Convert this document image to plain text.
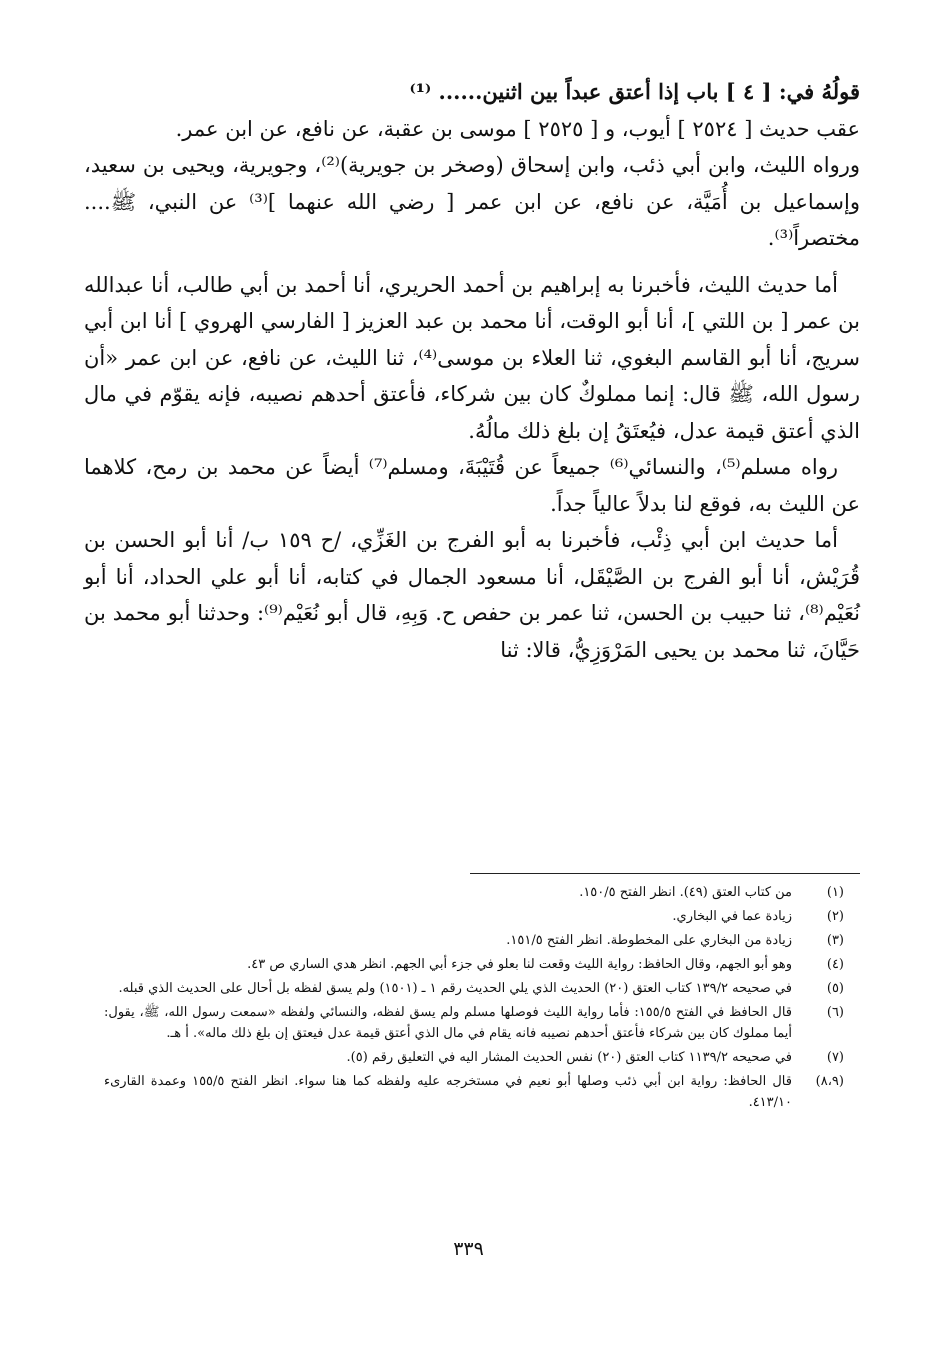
قولُهُ في: [ ٤ ] باب إذا أعتق عبداً بين اثنين...... ⁽¹⁾

عقب حديث [ ٢٥٢٤ ] أيوب، و [ ٢٥٢٥ ] موسى بن عقبة، عن نافع، عن ابن عمر.

ورواه الليث، وابن أبي ذئب، وابن إسحاق (وصخر بن جويرية)⁽²⁾، وجويرية، ويحيى بن سعيد، وإسماعيل بن أُمَيَّة، عن نافع، عن ابن عمر [ رضي الله عنهما ]⁽³⁾ عن النبي، ﷺ.... مختصراً⁽³⁾.

أما حديث الليث، فأخبرنا به إبراهيم بن أحمد الحريري، أنا أحمد بن أبي طالب، أنا عبدالله بن عمر [ بن اللتي ]، أنا أبو الوقت، أنا محمد بن عبد العزيز [ الفارسي الهروي ] أنا ابن أبي سريج، أنا أبو القاسم البغوي، ثنا العلاء بن موسى⁽⁴⁾، ثنا الليث، عن نافع، عن ابن عمر «أن رسول الله، ﷺ قال: إنما مملوكٌ كان بين شركاء، فأعتق أحدهم نصيبه، فإنه يقوّم في مال الذي أعتق قيمة عدل، فيُعتَقُ إن بلغ ذلك مالُهُ.

رواه مسلم⁽⁵⁾، والنسائي⁽⁶⁾ جميعاً عن قُتَيْبَةَ، ومسلم⁽⁷⁾ أيضاً عن محمد بن رمح، كلاهما عن الليث به، فوقع لنا بدلاً عالياً جداً.

أما حديث ابن أبي ذِئْب، فأخبرنا به أبو الفرج بن الغَزِّي، /ح ١٥٩ ب/ أنا أبو الحسن بن قُرَيْش، أنا أبو الفرج بن الصَّيْقَل، أنا مسعود الجمال في كتابه، أنا أبو علي الحداد، أنا أبو نُعَيْم⁽⁸⁾، ثنا حبيب بن الحسن، ثنا عمر بن حفص ح. وَبِهِ، قال أبو نُعَيْم⁽⁹⁾: وحدثنا أبو محمد بن حَيَّانَ، ثنا محمد بن يحيى المَرْوَزِيُّ، قالا: ثنا

(١)
من كتاب العتق (٤٩). انظر الفتح ١٥٠/٥.
(٢)
زيادة عما في البخاري.
(٣)
زيادة من البخاري على المخطوطة. انظر الفتح ١٥١/٥.
(٤)
وهو أبو الجهم، وقال الحافظ: رواية الليث وقعت لنا بعلو في جزء أبي الجهم. انظر هدي الساري ص ٤٣.
(٥)
في صحيحه ١٣٩/٢ كتاب العتق (٢٠) الحديث الذي يلي الحديث رقم ١ ـ (١٥٠١) ولم يسق لفظه بل أحال على الحديث الذي قبله.
(٦)
قال الحافظ في الفتح ١٥٥/٥: فأما رواية الليث فوصلها مسلم ولم يسق لفظه، والنسائي ولفظه «سمعت رسول الله، ﷺ، يقول: أيما مملوك كان بين شركاء فأعتق أحدهم نصيبه فانه يقام في مال الذي أعتق قيمة عدل فيعتق إن بلغ ذلك ماله». أ هـ.
(٧)
في صحيحه ١١٣٩/٢ كتاب العتق (٢٠) نفس الحديث المشار اليه في التعليق رقم (٥).
(٨،٩)
قال الحافظ: رواية ابن أبي ذئب وصلها أبو نعيم في مستخرجه عليه ولفظه كما هنا سواء. انظر الفتح ١٥٥/٥ وعمدة القارىء ٤١٣/١٠.
٣٣٩
